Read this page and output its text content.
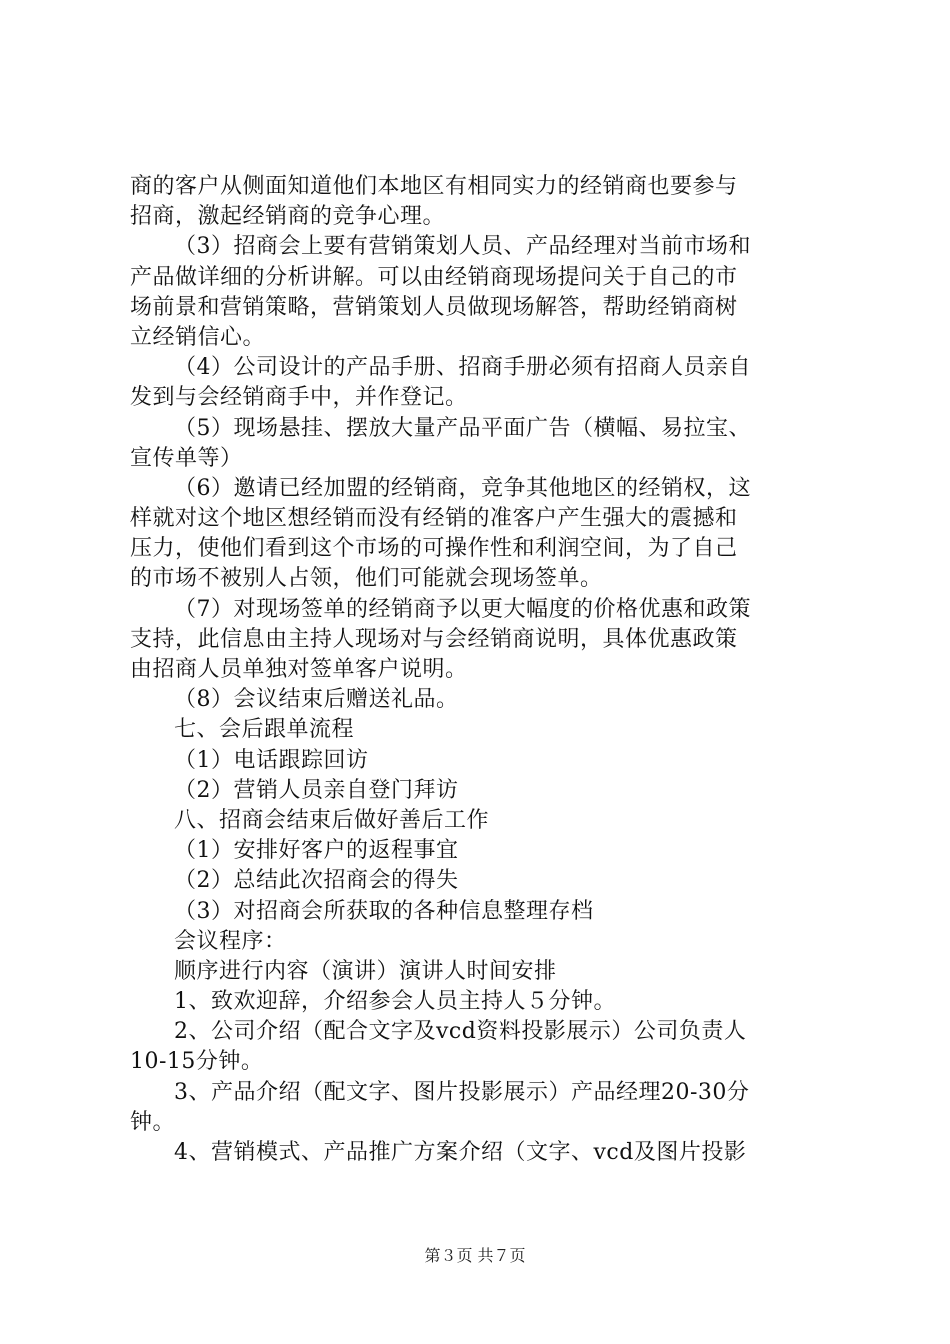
商的客户从侧面知道他们本地区有相同实力的经销商也要参与
招商，激起经销商的竞争心理。
（3）招商会上要有营销策划人员、产品经理对当前市场和
产品做详细的分析讲解。可以由经销商现场提问关于自己的市
场前景和营销策略，营销策划人员做现场解答，帮助经销商树
立经销信心。
（4）公司设计的产品手册、招商手册必须有招商人员亲自
发到与会经销商手中，并作登记。
（5）现场悬挂、摆放大量产品平面广告（横幅、易拉宝、
宣传单等）
（6）邀请已经加盟的经销商，竞争其他地区的经销权，这
样就对这个地区想经销而没有经销的准客户产生强大的震撼和
压力，使他们看到这个市场的可操作性和利润空间，为了自己
的市场不被别人占领，他们可能就会现场签单。
（7）对现场签单的经销商予以更大幅度的价格优惠和政策
支持，此信息由主持人现场对与会经销商说明，具体优惠政策
由招商人员单独对签单客户说明。
（8）会议结束后赠送礼品。
七、会后跟单流程
（1）电话跟踪回访
（2）营销人员亲自登门拜访
八、招商会结束后做好善后工作
（1）安排好客户的返程事宜
（2）总结此次招商会的得失
（3）对招商会所获取的各种信息整理存档
会议程序：
顺序进行内容（演讲）演讲人时间安排
1、致欢迎辞，介绍参会人员主持人５分钟。
2、公司介绍（配合文字及vcd资料投影展示）公司负责人
10-15分钟。
3、产品介绍（配文字、图片投影展示）产品经理20-30分
钟。
4、营销模式、产品推广方案介绍（文字、vcd及图片投影
第３页 共７页
